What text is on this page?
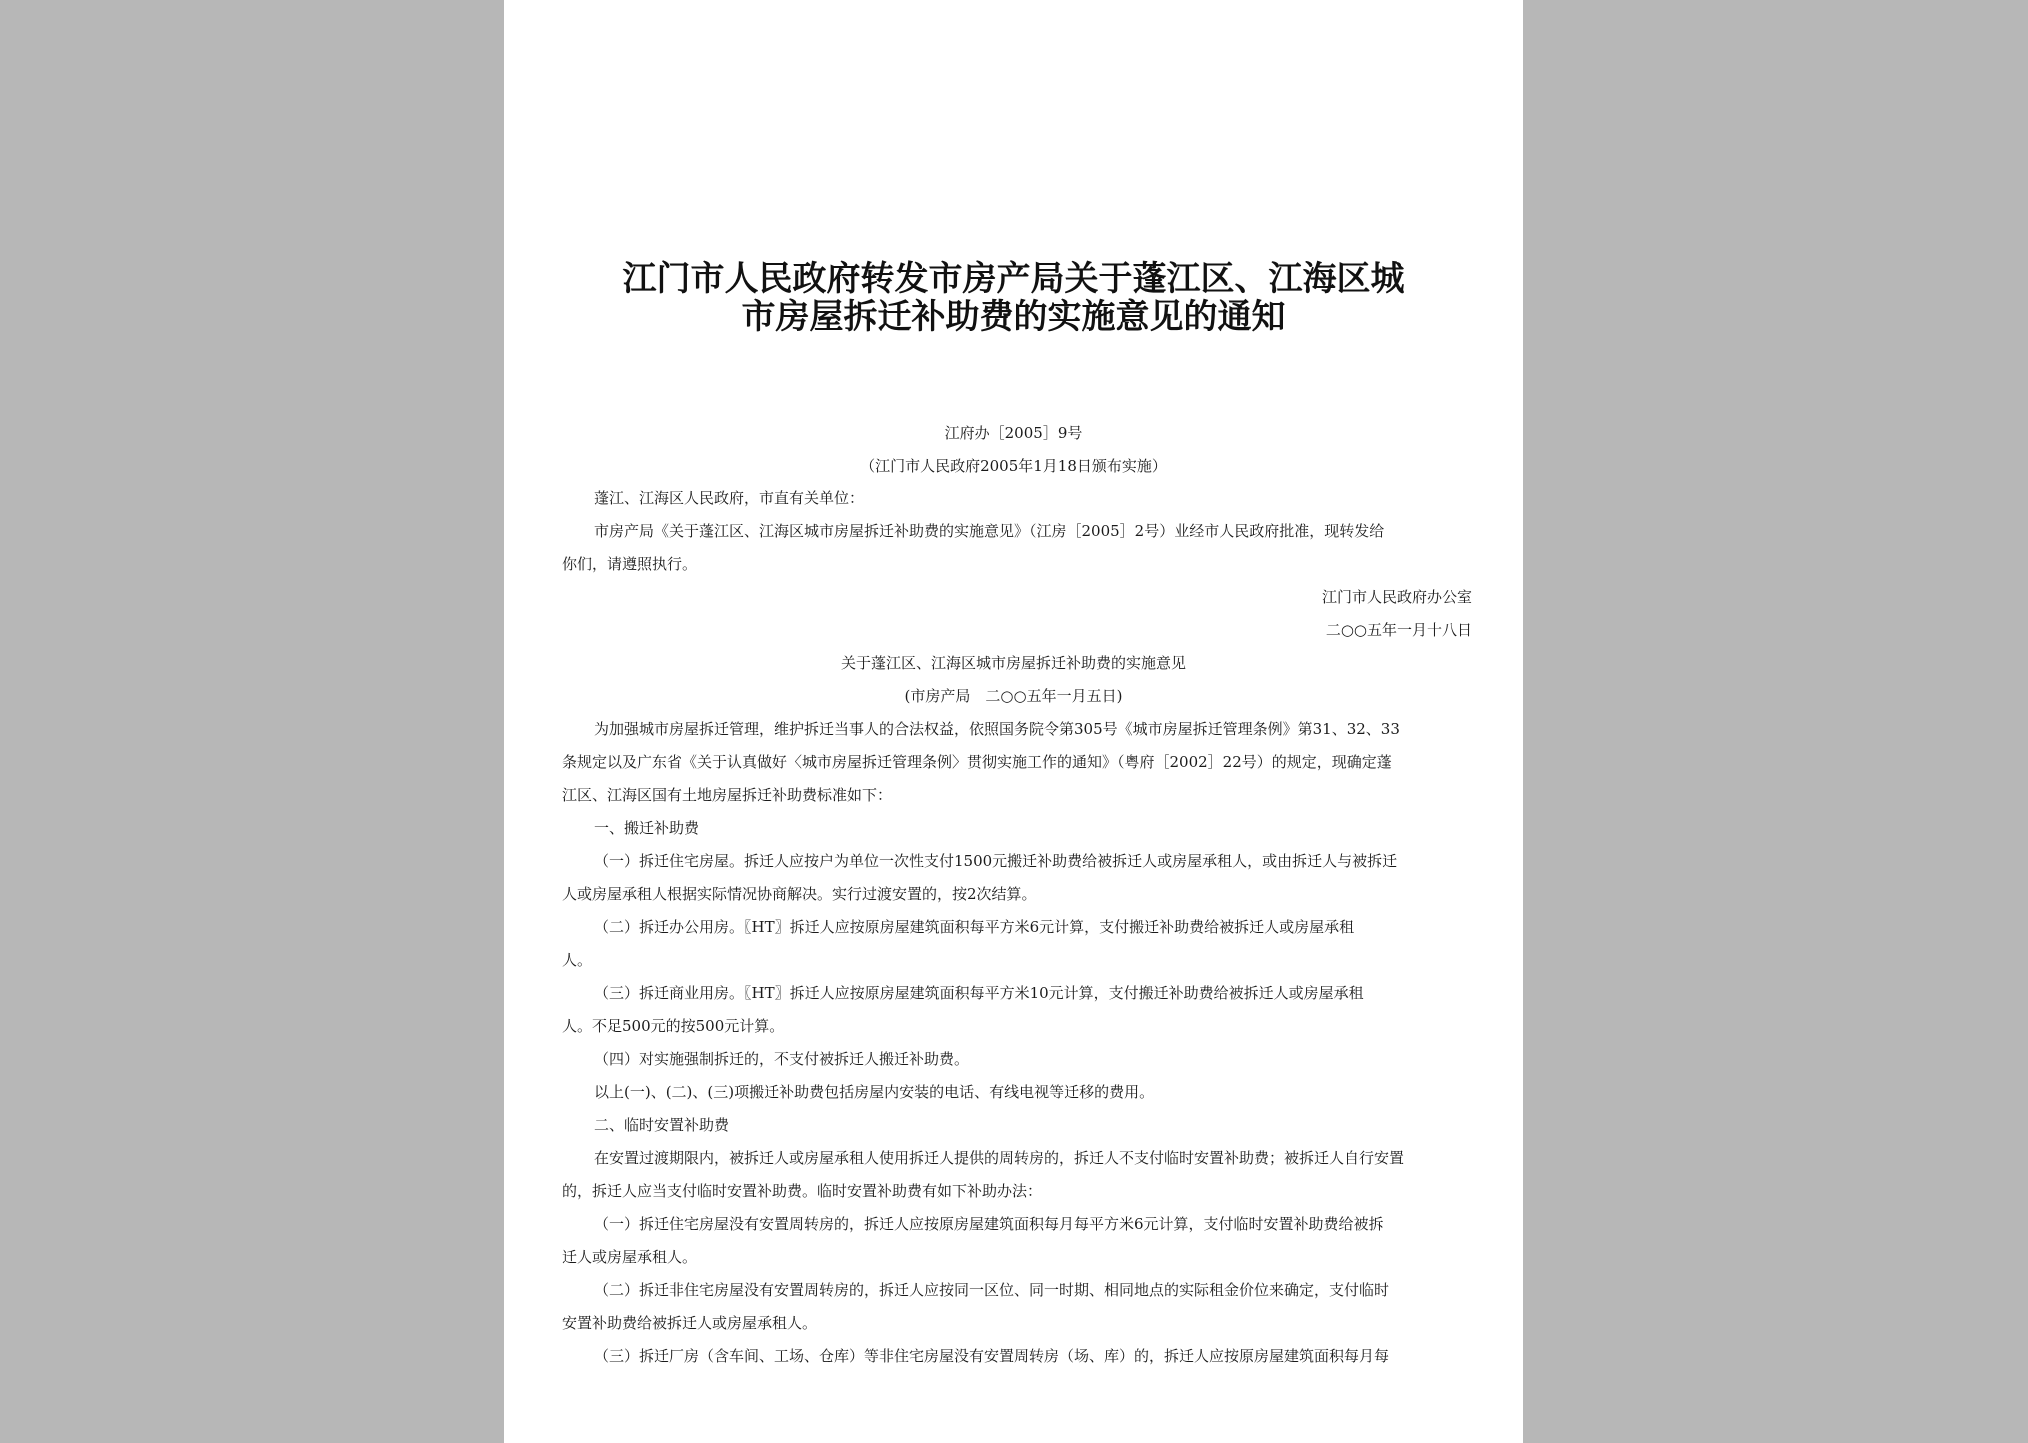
江门市人民政府转发市房产局关于蓬江区、江海区城
市房屋拆迁补助费的实施意见的通知
江府办［2005］9号
（江门市人民政府2005年1月18日颁布实施）
蓬江、江海区人民政府，市直有关单位：
市房产局《关于蓬江区、江海区城市房屋拆迁补助费的实施意见》（江房［2005］2号）业经市人民政府批准，现转发给
你们，请遵照执行。
江门市人民政府办公室
二○○五年一月十八日
关于蓬江区、江海区城市房屋拆迁补助费的实施意见
(市房产局　二○○五年一月五日)
为加强城市房屋拆迁管理，维护拆迁当事人的合法权益，依照国务院令第305号《城市房屋拆迁管理条例》第31、32、33
条规定以及广东省《关于认真做好〈城市房屋拆迁管理条例〉贯彻实施工作的通知》（粤府［2002］22号）的规定，现确定蓬
江区、江海区国有土地房屋拆迁补助费标准如下：
一、搬迁补助费
（一）拆迁住宅房屋。拆迁人应按户为单位一次性支付1500元搬迁补助费给被拆迁人或房屋承租人，或由拆迁人与被拆迁
人或房屋承租人根据实际情况协商解决。实行过渡安置的，按2次结算。
（二）拆迁办公用房。〖HT〗拆迁人应按原房屋建筑面积每平方米6元计算，支付搬迁补助费给被拆迁人或房屋承租
人。
（三）拆迁商业用房。〖HT〗拆迁人应按原房屋建筑面积每平方米10元计算，支付搬迁补助费给被拆迁人或房屋承租
人。不足500元的按500元计算。
（四）对实施强制拆迁的，不支付被拆迁人搬迁补助费。
以上(一)、(二)、(三)项搬迁补助费包括房屋内安装的电话、有线电视等迁移的费用。
二、临时安置补助费
在安置过渡期限内，被拆迁人或房屋承租人使用拆迁人提供的周转房的，拆迁人不支付临时安置补助费；被拆迁人自行安置
的，拆迁人应当支付临时安置补助费。临时安置补助费有如下补助办法：
（一）拆迁住宅房屋没有安置周转房的，拆迁人应按原房屋建筑面积每月每平方米6元计算，支付临时安置补助费给被拆
迁人或房屋承租人。
（二）拆迁非住宅房屋没有安置周转房的，拆迁人应按同一区位、同一时期、相同地点的实际租金价位来确定，支付临时
安置补助费给被拆迁人或房屋承租人。
（三）拆迁厂房（含车间、工场、仓库）等非住宅房屋没有安置周转房（场、库）的，拆迁人应按原房屋建筑面积每月每
